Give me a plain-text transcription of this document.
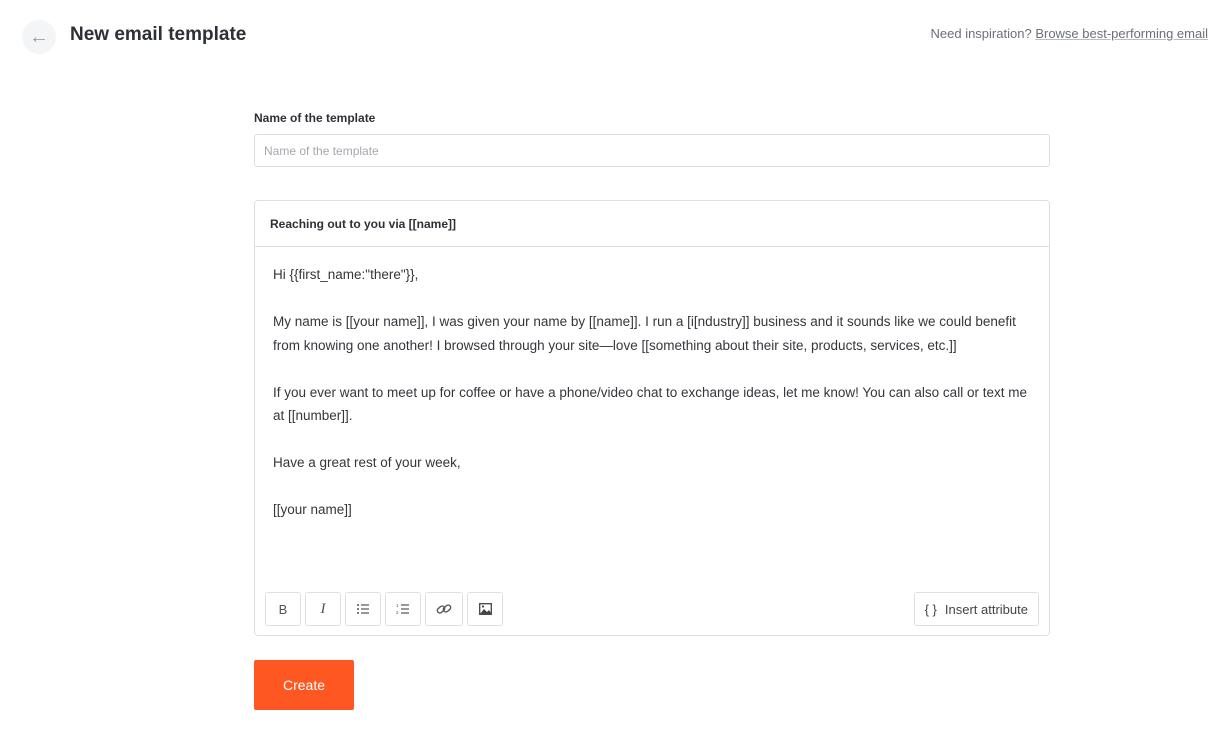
← New email template	Need inspiration? Browse best-performing email
Name of the template
Name of the template
Reaching out to you via [[name]]

Hi {{first_name:"there"}},

My name is [[your name]], I was given your name by [[name]]. I run a [i[ndustry]] business and it sounds like we could benefit from knowing one another! I browsed through your site—love [[something about their site, products, services, etc.]]

If you ever want to meet up for coffee or have a phone/video chat to exchange ideas, let me know! You can also call or text me at [[number]].

Have a great rest of your week,

[[your name]]

B I	1
2	{ } Insert attribute
Create
